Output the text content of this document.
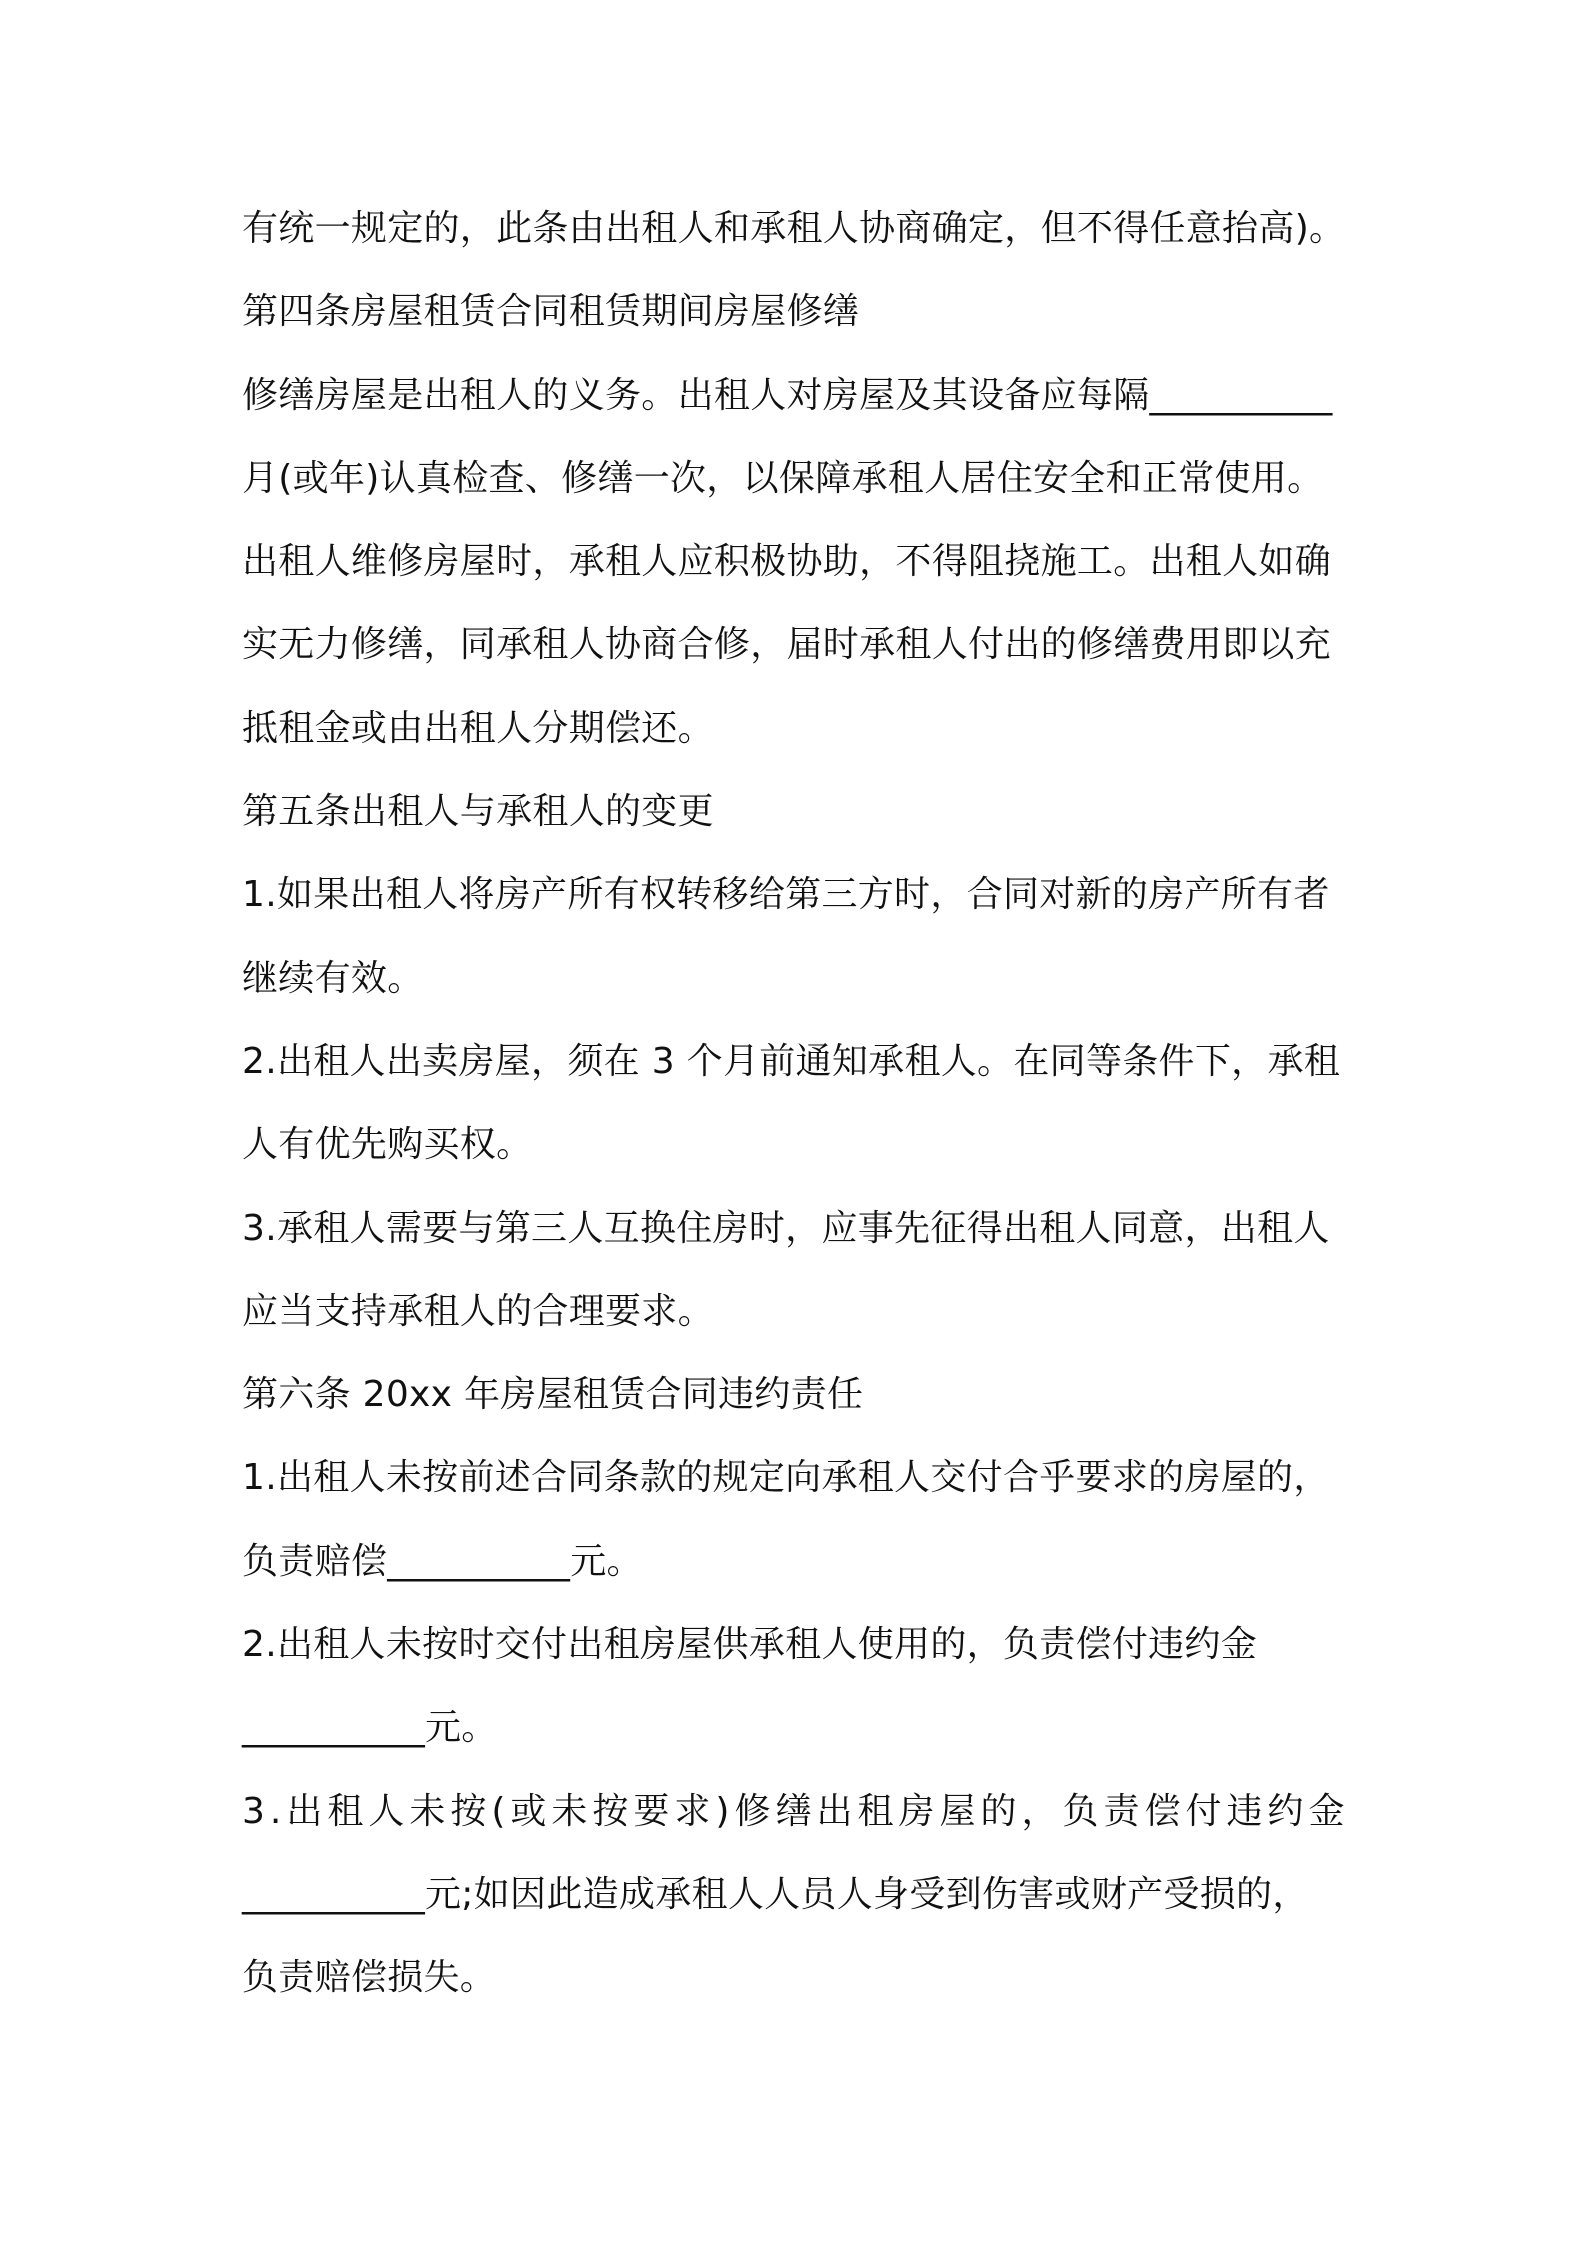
有统一规定的，此条由出租人和承租人协商确定，但不得任意抬高)。
第四条房屋租赁合同租赁期间房屋修缮
修缮房屋是出租人的义务。出租人对房屋及其设备应每隔__________
月(或年)认真检查、修缮一次，以保障承租人居住安全和正常使用。
出租人维修房屋时，承租人应积极协助，不得阻挠施工。出租人如确
实无力修缮，同承租人协商合修，届时承租人付出的修缮费用即以充
抵租金或由出租人分期偿还。
第五条出租人与承租人的变更
1.如果出租人将房产所有权转移给第三方时，合同对新的房产所有者
继续有效。
2.出租人出卖房屋，须在 3 个月前通知承租人。在同等条件下，承租
人有优先购买权。
3.承租人需要与第三人互换住房时，应事先征得出租人同意，出租人
应当支持承租人的合理要求。
第六条 20xx 年房屋租赁合同违约责任
1.出租人未按前述合同条款的规定向承租人交付合乎要求的房屋的，
负责赔偿__________元。
2.出租人未按时交付出租房屋供承租人使用的，负责偿付违约金
__________元。
3.出租人未按(或未按要求)修缮出租房屋的，负责偿付违约金
__________元;如因此造成承租人人员人身受到伤害或财产受损的，
负责赔偿损失。
